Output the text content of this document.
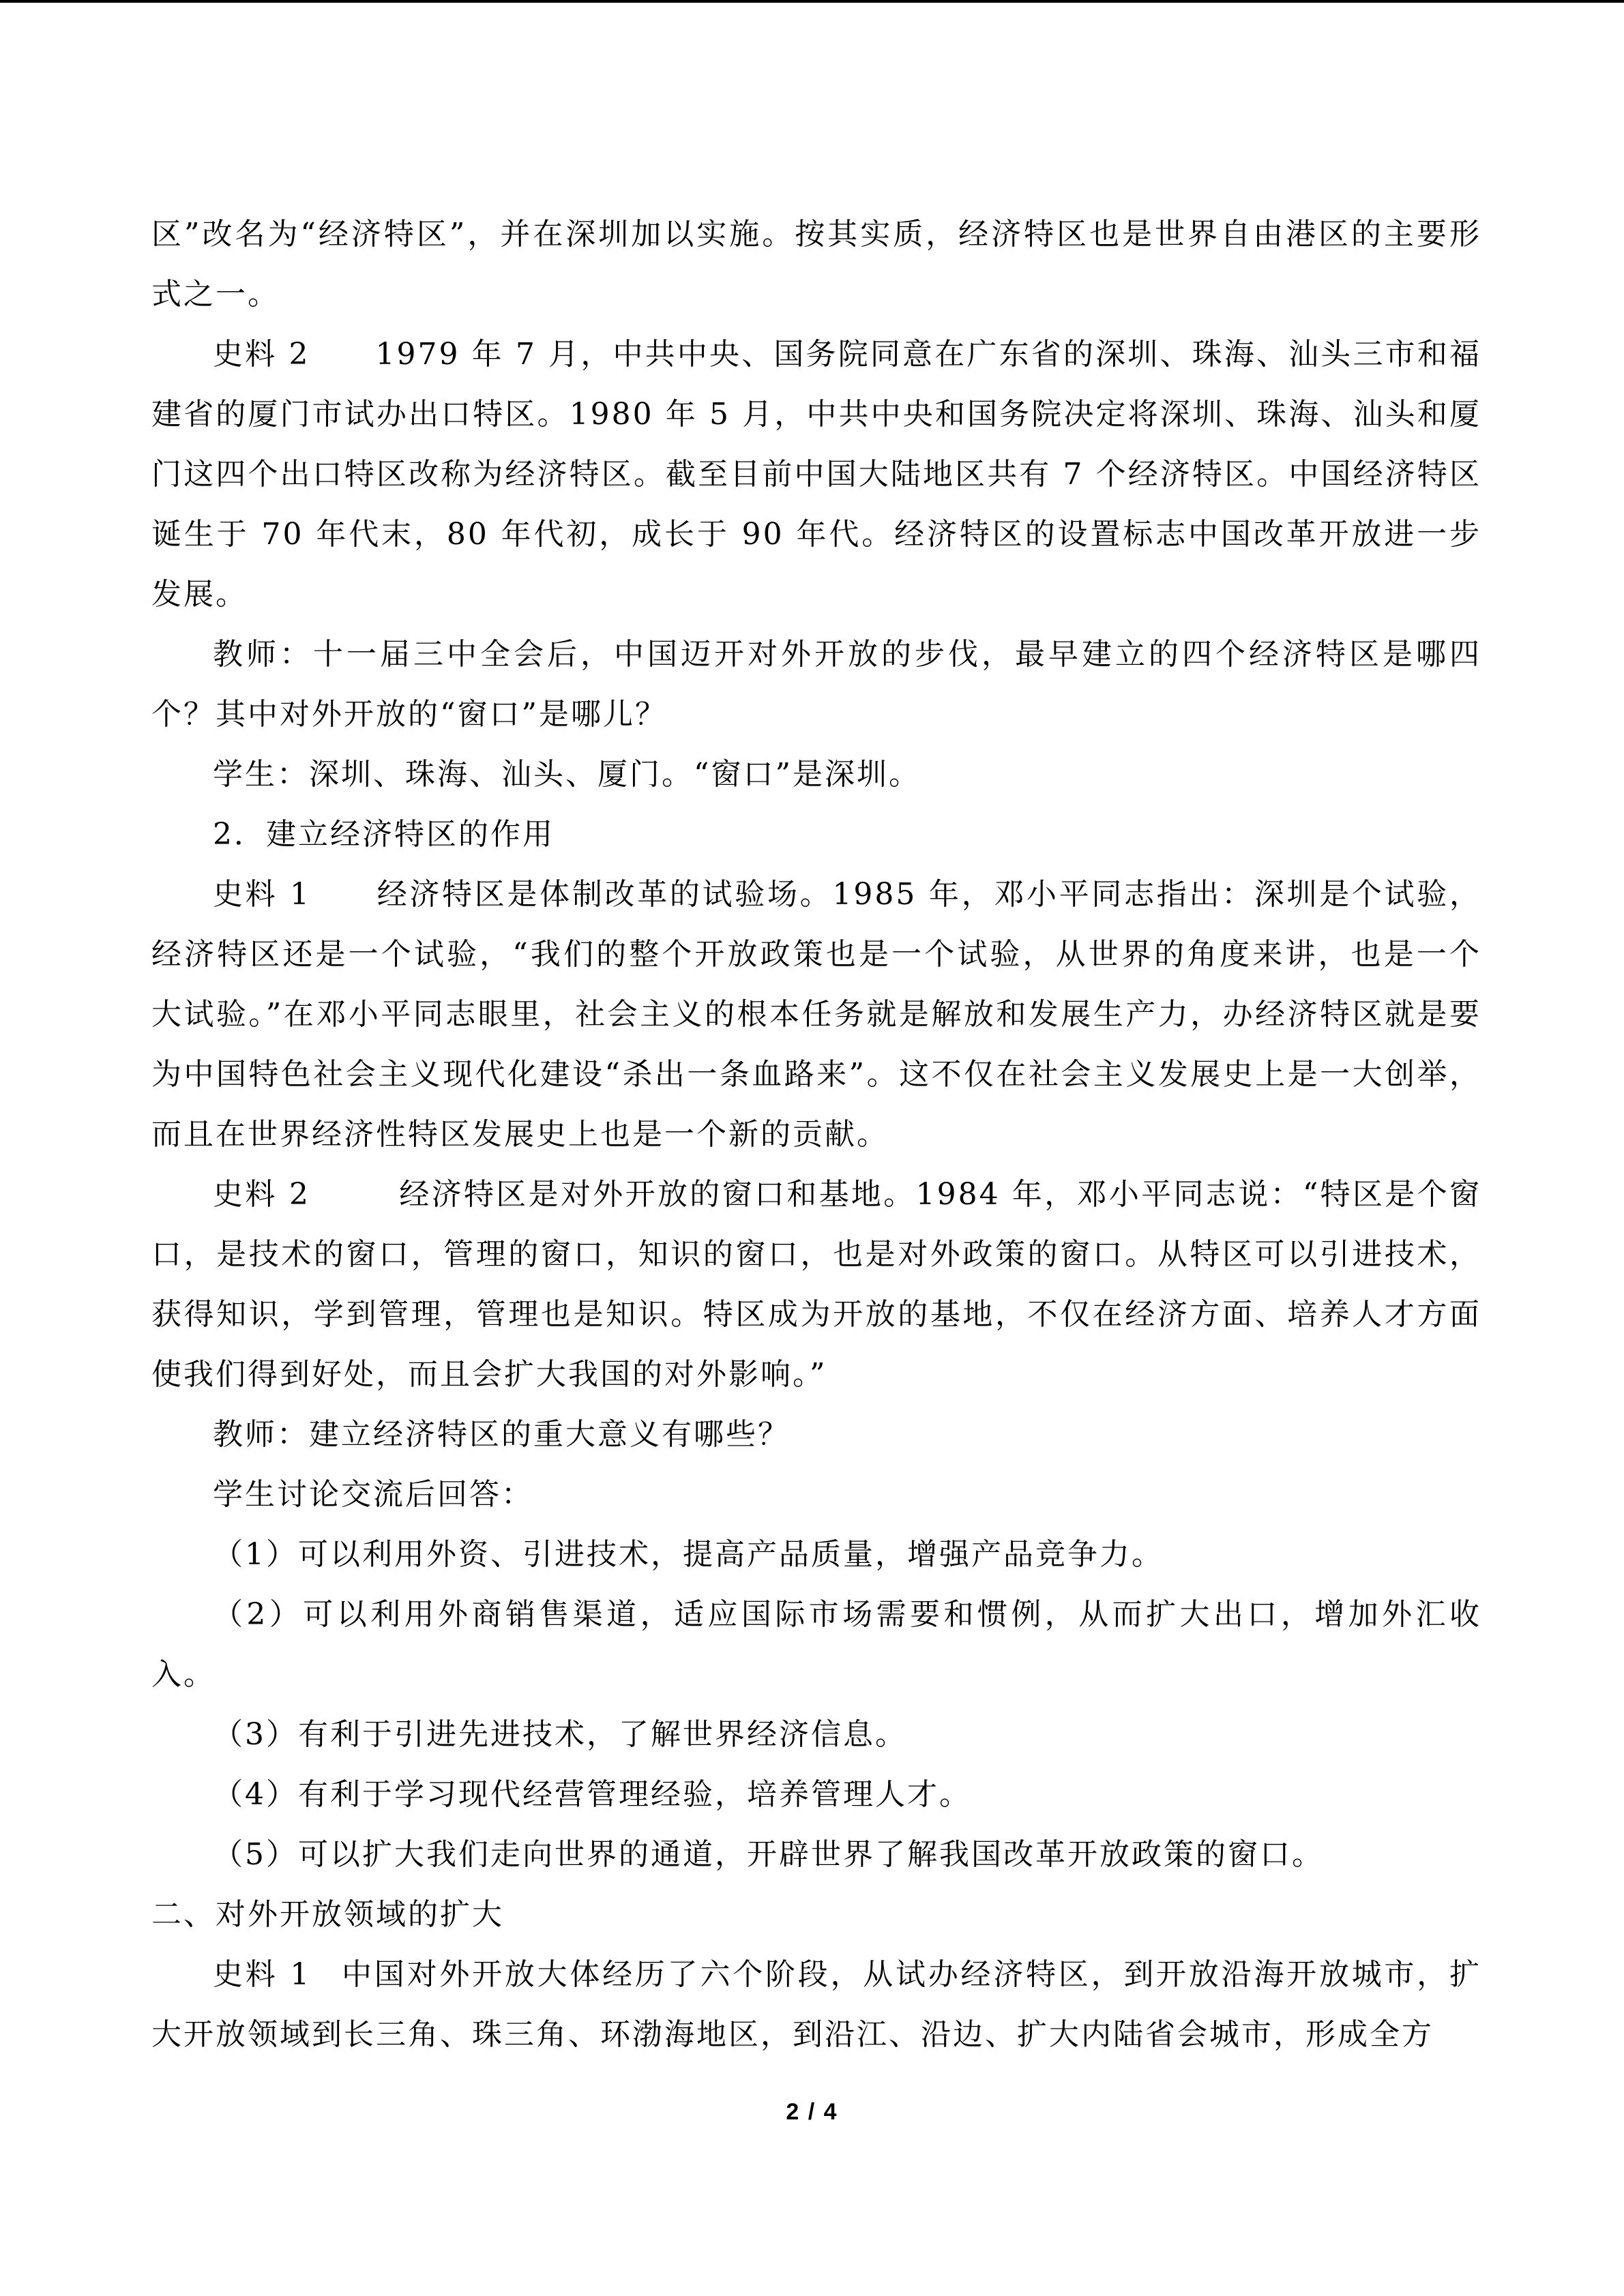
区”改名为“经济特区”，并在深圳加以实施。按其实质，经济特区也是世界自由港区的主要形式之一。

史料 2 1979 年 7 月，中共中央、国务院同意在广东省的深圳、珠海、汕头三市和福建省的厦门市试办出口特区。1980 年 5 月，中共中央和国务院决定将深圳、珠海、汕头和厦门这四个出口特区改称为经济特区。截至目前中国大陆地区共有 7 个经济特区。中国经济特区诞生于 70 年代末，80 年代初，成长于 90 年代。经济特区的设置标志中国改革开放进一步发展。

教师：十一届三中全会后，中国迈开对外开放的步伐，最早建立的四个经济特区是哪四个？其中对外开放的“窗口”是哪儿？

学生：深圳、珠海、汕头、厦门。“窗口”是深圳。

2．建立经济特区的作用

史料 1 经济特区是体制改革的试验场。1985 年，邓小平同志指出：深圳是个试验，经济特区还是一个试验，“我们的整个开放政策也是一个试验，从世界的角度来讲，也是一个大试验。”在邓小平同志眼里，社会主义的根本任务就是解放和发展生产力，办经济特区就是要为中国特色社会主义现代化建设“杀出一条血路来”。这不仅在社会主义发展史上是一大创举，而且在世界经济性特区发展史上也是一个新的贡献。

史料 2	经济特区是对外开放的窗口和基地。1984 年，邓小平同志说：“特区是个窗口，是技术的窗口，管理的窗口，知识的窗口，也是对外政策的窗口。从特区可以引进技术，获得知识，学到管理，管理也是知识。特区成为开放的基地，不仅在经济方面、培养人才方面使我们得到好处，而且会扩大我国的对外影响。”

教师：建立经济特区的重大意义有哪些？

学生讨论交流后回答：

（1）可以利用外资、引进技术，提高产品质量，增强产品竞争力。

（2）可以利用外商销售渠道，适应国际市场需要和惯例，从而扩大出口，增加外汇收入。

（3）有利于引进先进技术，了解世界经济信息。

（4）有利于学习现代经营管理经验，培养管理人才。

（5）可以扩大我们走向世界的通道，开辟世界了解我国改革开放政策的窗口。

二、对外开放领域的扩大

史料 1 中国对外开放大体经历了六个阶段，从试办经济特区，到开放沿海开放城市，扩大开放领域到长三角、珠三角、环渤海地区，到沿江、沿边、扩大内陆省会城市，形成全方

2 / 4
